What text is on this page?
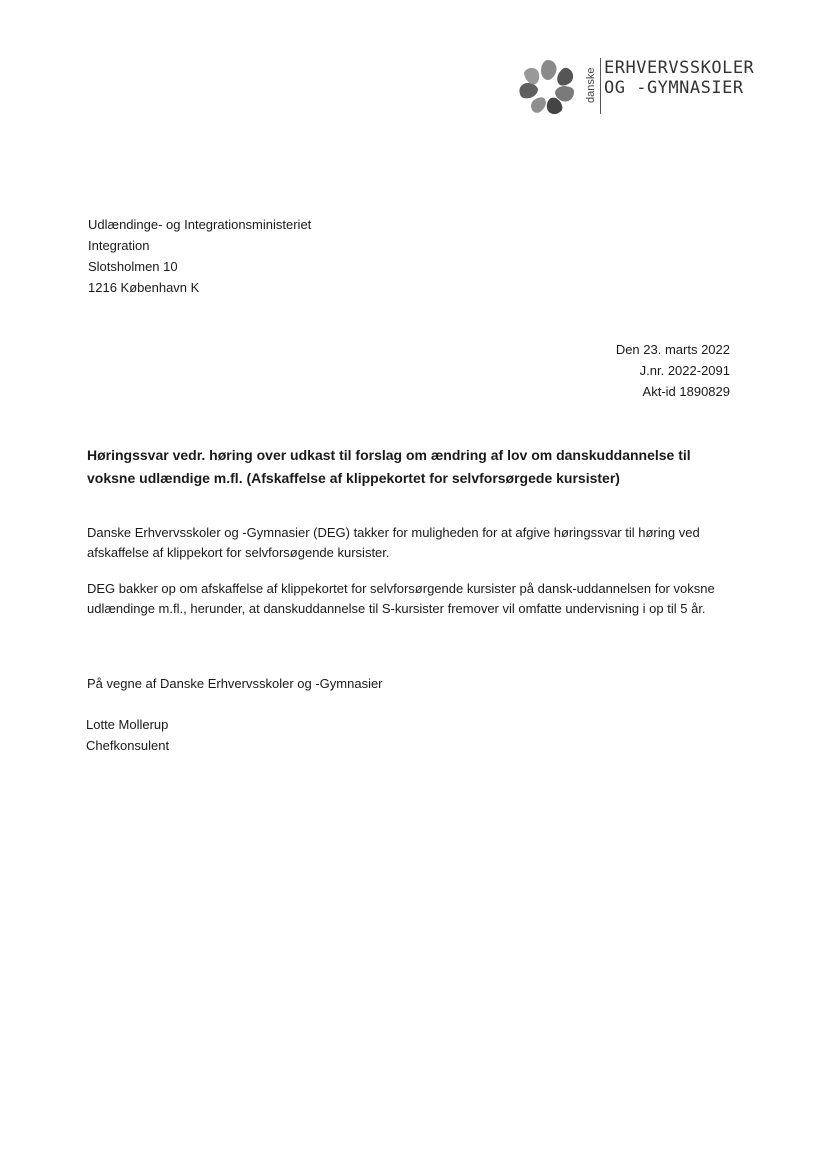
danske ERHVERVSSKOLER
OG -GYMNASIER
Udlændinge- og Integrationsministeriet
Integration
Slotsholmen 10
1216 København K
Den 23. marts 2022
J.nr. 2022-2091
Akt-id 1890829
Høringssvar vedr. høring over udkast til forslag om ændring af lov om danskuddannelse til voksne udlændige m.fl. (Afskaffelse af klippekortet for selvforsørgede kursister)
Danske Erhvervsskoler og -Gymnasier (DEG) takker for muligheden for at afgive høringssvar til høring ved afskaffelse af klippekort for selvforsøgende kursister.
DEG bakker op om afskaffelse af klippekortet for selvforsørgende kursister på dansk-uddannelsen for voksne udlændinge m.fl., herunder, at danskuddannelse til S-kursister fremover vil omfatte undervisning i op til 5 år.
På vegne af Danske Erhvervsskoler og -Gymnasier
Lotte Mollerup
Chefkonsulent
